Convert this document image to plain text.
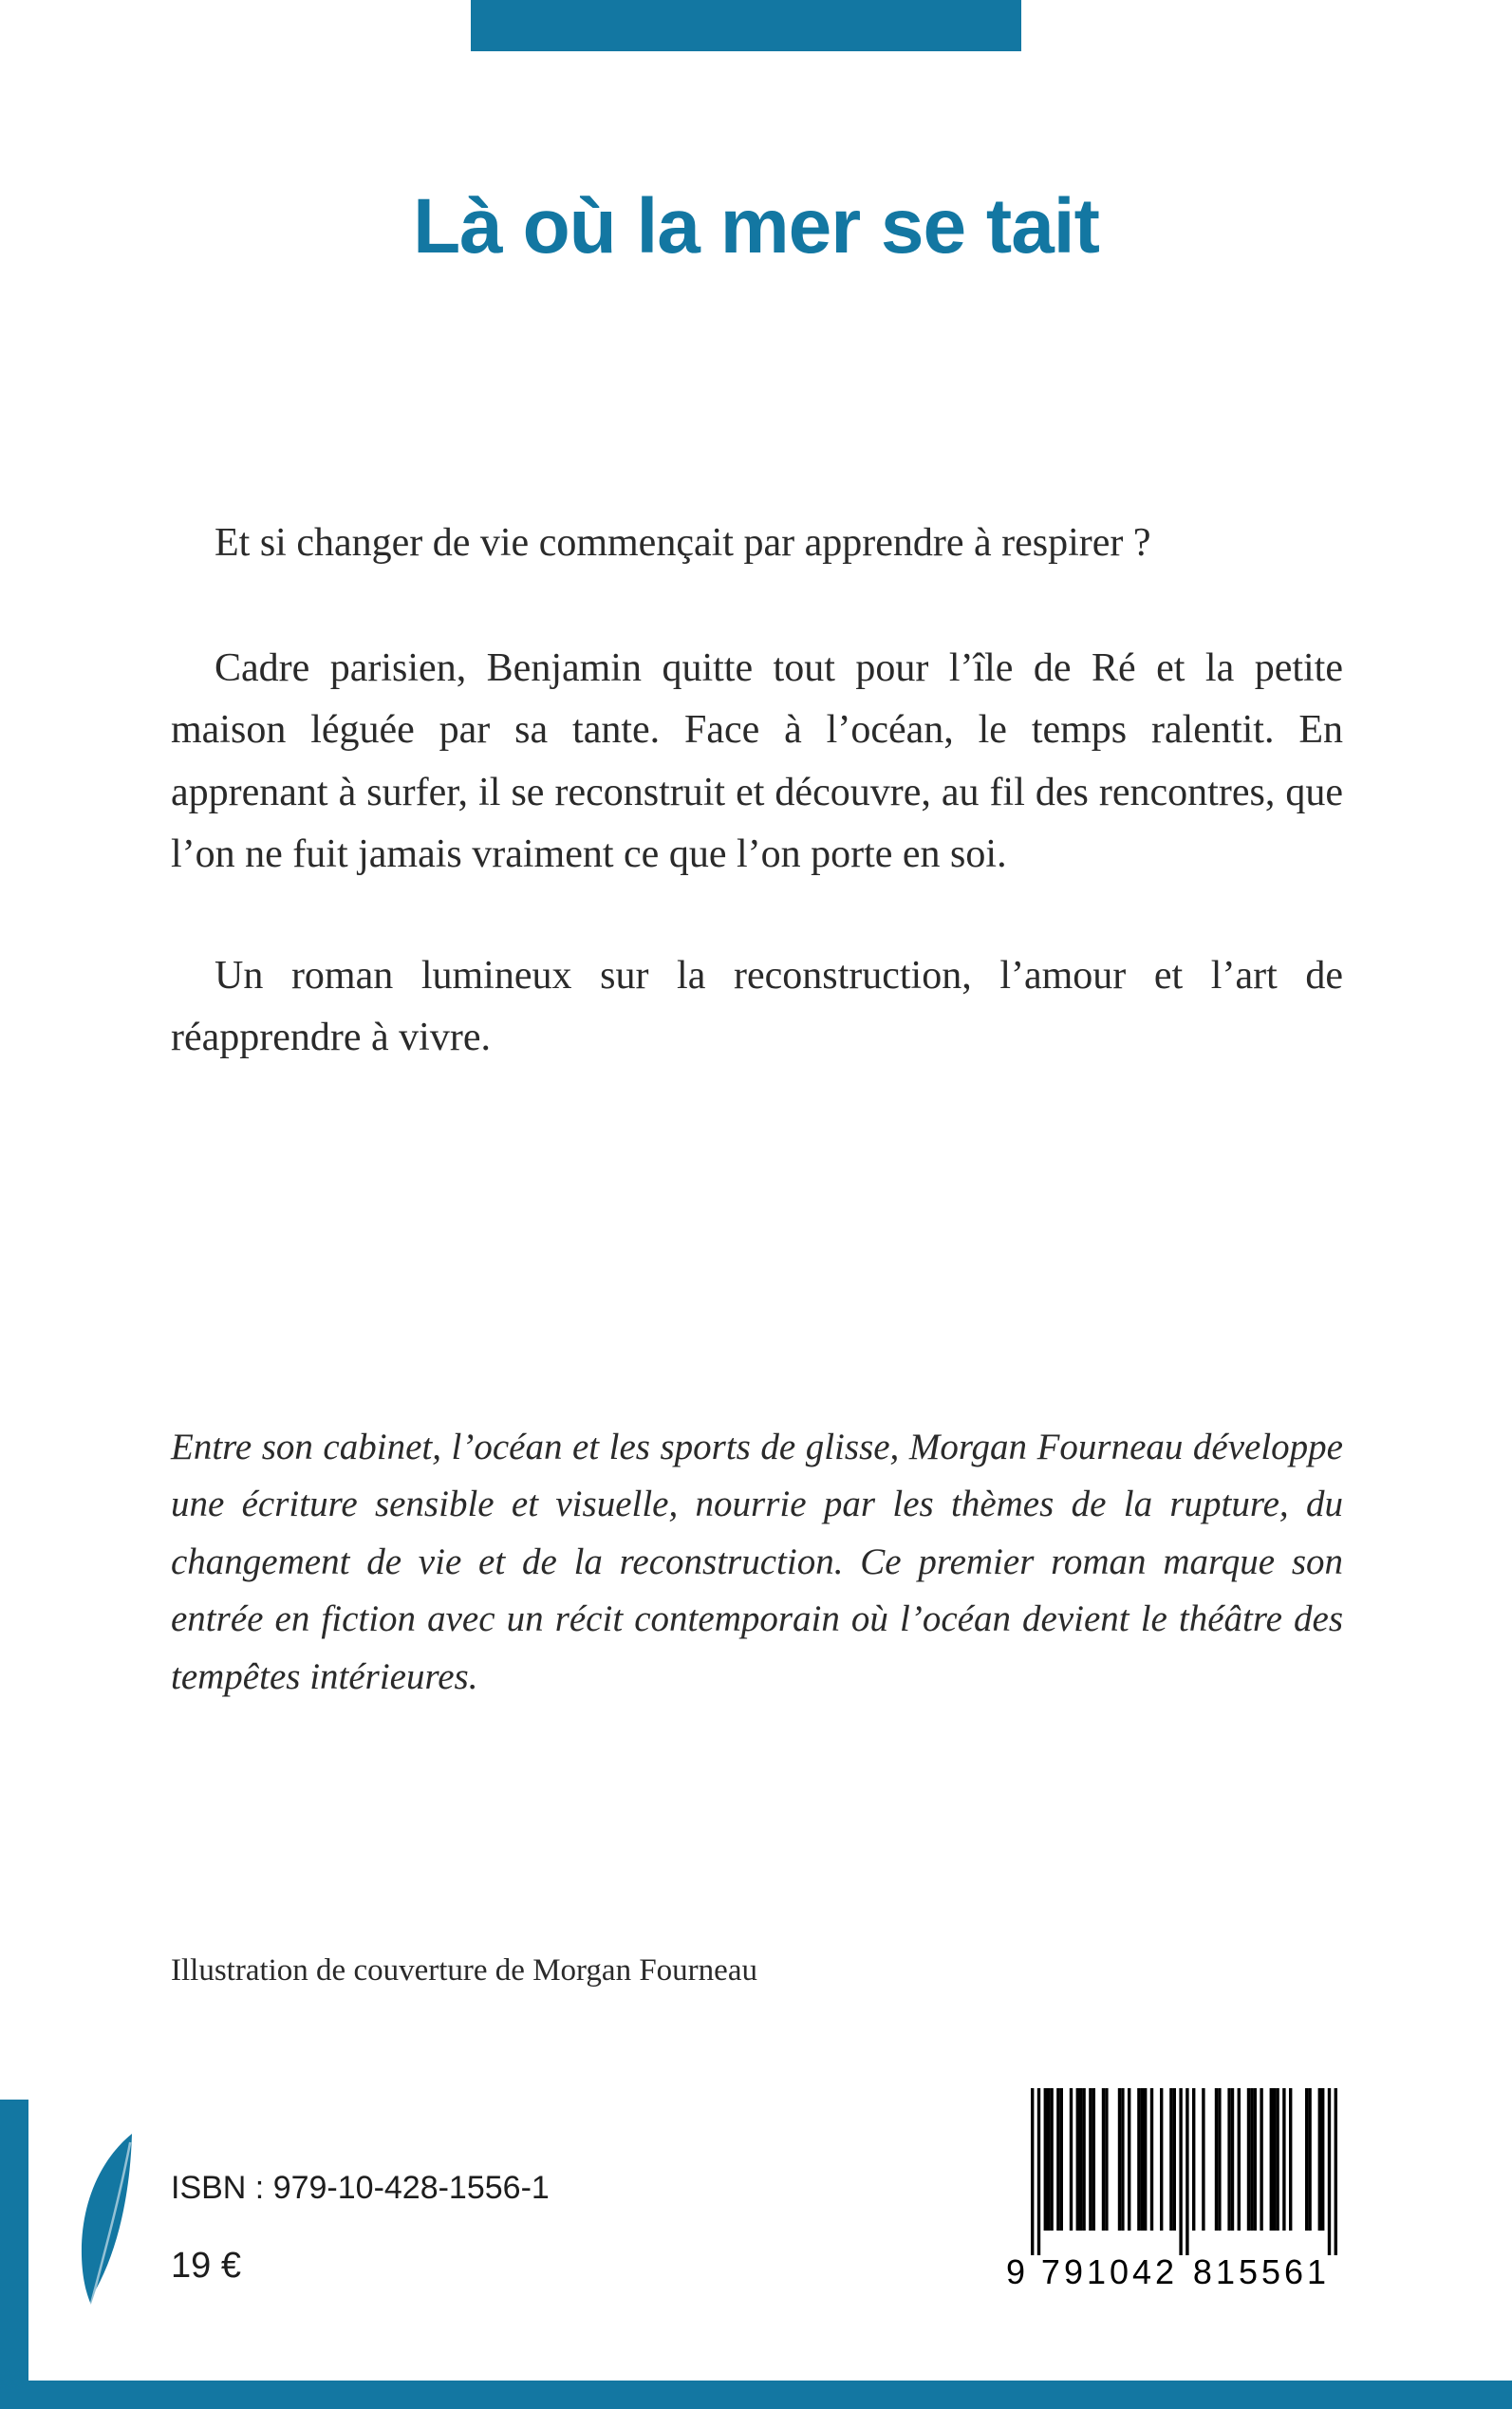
Là où la mer se tait

Et si changer de vie commençait par apprendre à respirer ?

Cadre parisien, Benjamin quitte tout pour l’île de Ré et la petite maison léguée par sa tante. Face à l’océan, le temps ralentit. En apprenant à surfer, il se reconstruit et découvre, au fil des rencontres, que l’on ne fuit jamais vraiment ce que l’on porte en soi.

Un roman lumineux sur la reconstruction, l’amour et l’art de réapprendre à vivre.

Entre son cabinet, l’océan et les sports de glisse, Morgan Fourneau développe une écriture sensible et visuelle, nourrie par les thèmes de la rupture, du changement de vie et de la reconstruction. Ce premier roman marque son entrée en fiction avec un récit contemporain où l’océan devient le théâtre des tempêtes intérieures.
Illustration de couverture de Morgan Fourneau
ISBN : 979-10-428-1556-1
19 €	9 791042 815561
